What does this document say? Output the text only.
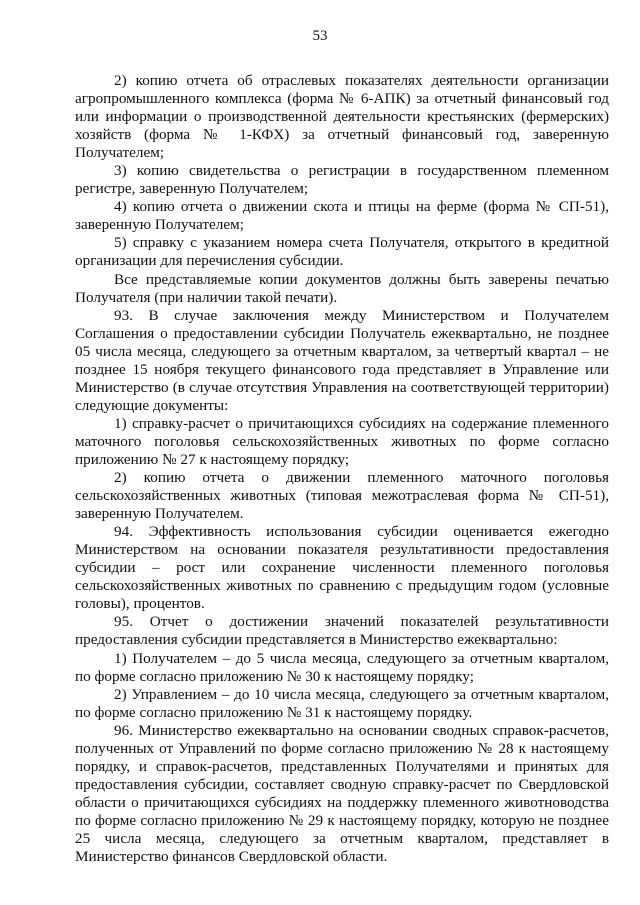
53

2) копию отчета об отраслевых показателях деятельности организации агропромышленного комплекса (форма № 6-АПК) за отчетный финансовый год или информации о производственной деятельности крестьянских (фермерских) хозяйств (форма № 1-КФХ) за отчетный финансовый год, заверенную Получателем;

3) копию свидетельства о регистрации в государственном племенном регистре, заверенную Получателем;

4) копию отчета о движении скота и птицы на ферме (форма № СП-51), заверенную Получателем;

5) справку с указанием номера счета Получателя, открытого в кредитной организации для перечисления субсидии.

Все представляемые копии документов должны быть заверены печатью Получателя (при наличии такой печати).

93. В случае заключения между Министерством и Получателем Соглашения о предоставлении субсидии Получатель ежеквартально, не позднее 05 числа месяца, следующего за отчетным кварталом, за четвертый квартал – не позднее 15 ноября текущего финансового года представляет в Управление или Министерство (в случае отсутствия Управления на соответствующей территории) следующие документы:

1) справку-расчет о причитающихся субсидиях на содержание племенного маточного поголовья сельскохозяйственных животных по форме согласно приложению № 27 к настоящему порядку;

2) копию отчета о движении племенного маточного поголовья сельскохозяйственных животных (типовая межотраслевая форма № СП-51), заверенную Получателем.

94. Эффективность использования субсидии оценивается ежегодно Министерством на основании показателя результативности предоставления субсидии – рост или сохранение численности племенного поголовья сельскохозяйственных животных по сравнению с предыдущим годом (условные головы), процентов.

95. Отчет о достижении значений показателей результативности предоставления субсидии представляется в Министерство ежеквартально:

1) Получателем – до 5 числа месяца, следующего за отчетным кварталом, по форме согласно приложению № 30 к настоящему порядку;

2) Управлением – до 10 числа месяца, следующего за отчетным кварталом, по форме согласно приложению № 31 к настоящему порядку.

96. Министерство ежеквартально на основании сводных справок-расчетов, полученных от Управлений по форме согласно приложению № 28 к настоящему порядку, и справок-расчетов, представленных Получателями и принятых для предоставления субсидии, составляет сводную справку-расчет по Свердловской области о причитающихся субсидиях на поддержку племенного животноводства по форме согласно приложению № 29 к настоящему порядку, которую не позднее 25 числа месяца, следующего за отчетным кварталом, представляет в Министерство финансов Свердловской области.
